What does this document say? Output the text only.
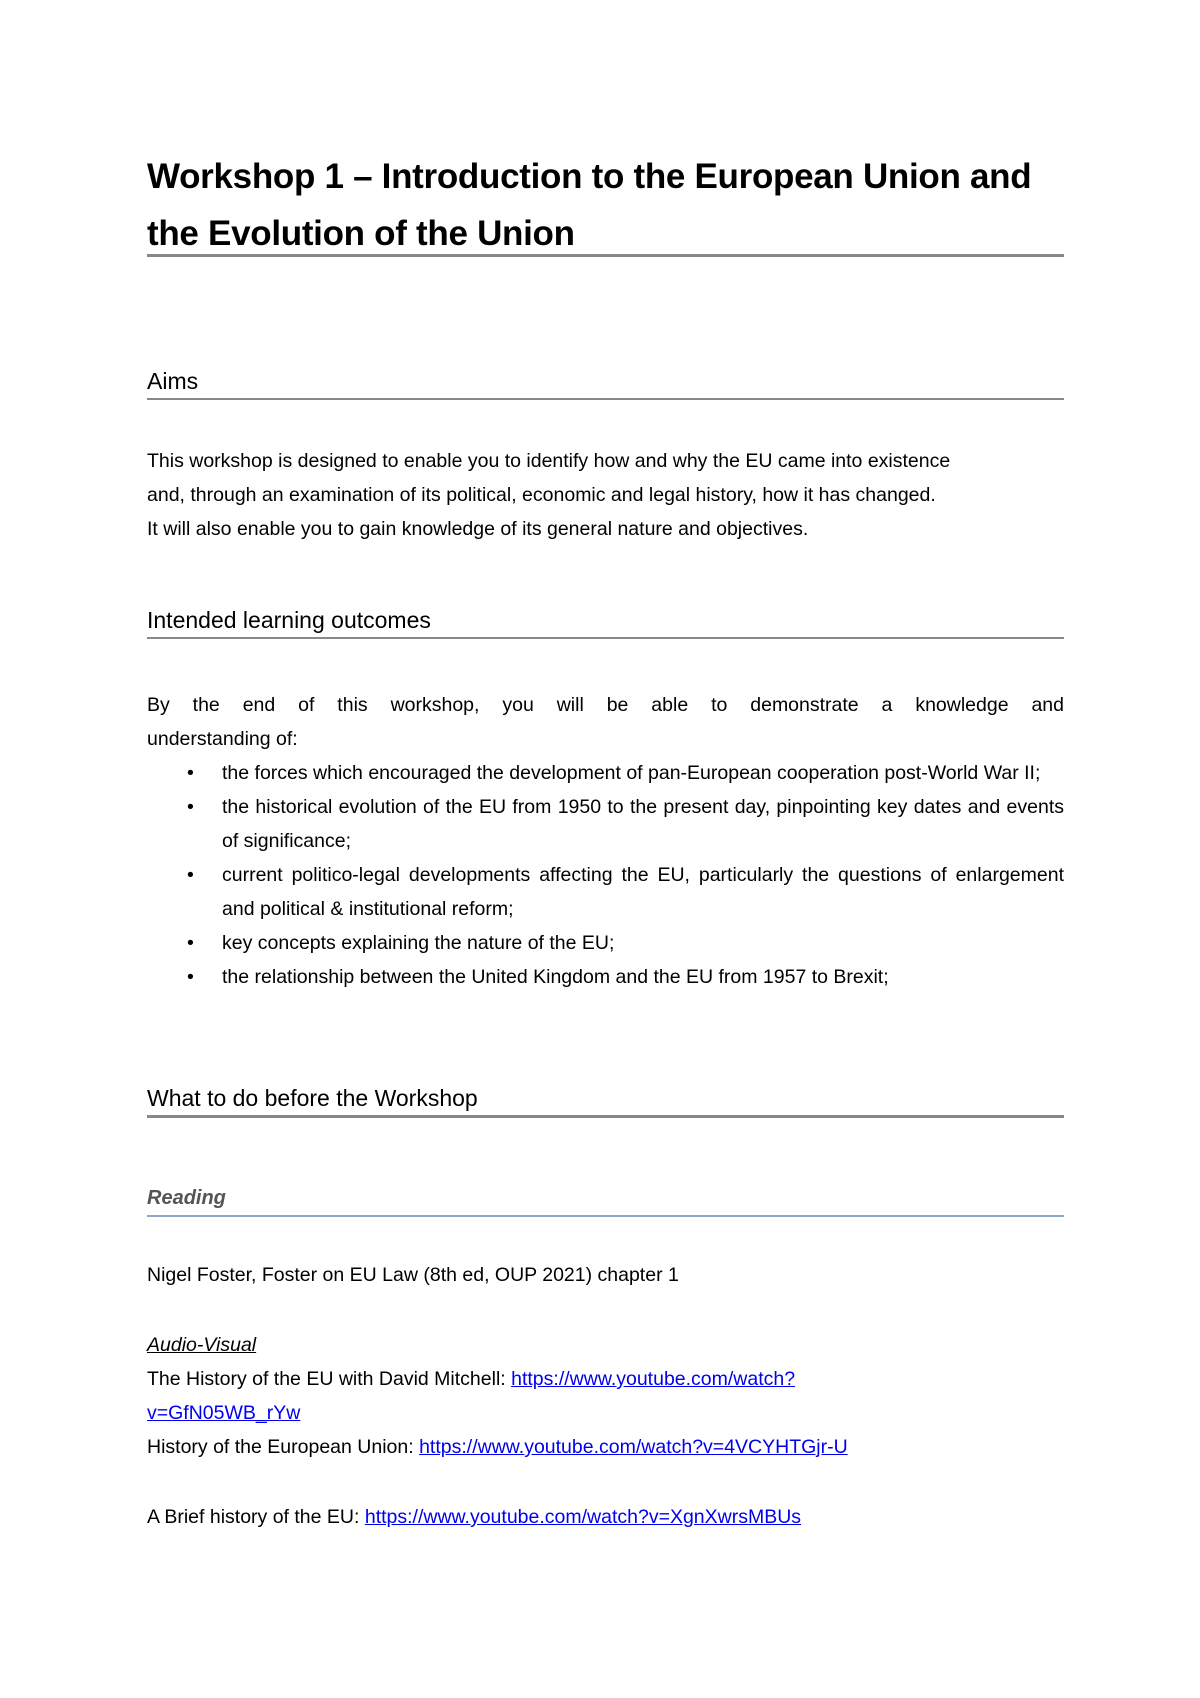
Workshop 1 – Introduction to the European Union and
the Evolution of the Union
Aims

This workshop is designed to enable you to identify how and why the EU came into existence
and, through an examination of its political, economic and legal history, how it has changed.
It will also enable you to gain knowledge of its general nature and objectives.

Intended learning outcomes

By the end of this workshop, you will be able to demonstrate a knowledge and
understanding of:

• the forces which encouraged the development of pan-European cooperation post-World War II;
• the historical evolution of the EU from 1950 to the present day, pinpointing key dates and events of significance;
• current politico-legal developments affecting the EU, particularly the questions of enlargement and political & institutional reform;
• key concepts explaining the nature of the EU;
• the relationship between the United Kingdom and the EU from 1957 to Brexit;
What to do before the Workshop
Reading

Nigel Foster, Foster on EU Law (8th ed, OUP 2021) chapter 1

Audio-Visual
The History of the EU with David Mitchell: https://www.youtube.com/watch?
v=GfN05WB_rYw
History of the European Union: https://www.youtube.com/watch?v=4VCYHTGjr-U

A Brief history of the EU: https://www.youtube.com/watch?v=XgnXwrsMBUs
